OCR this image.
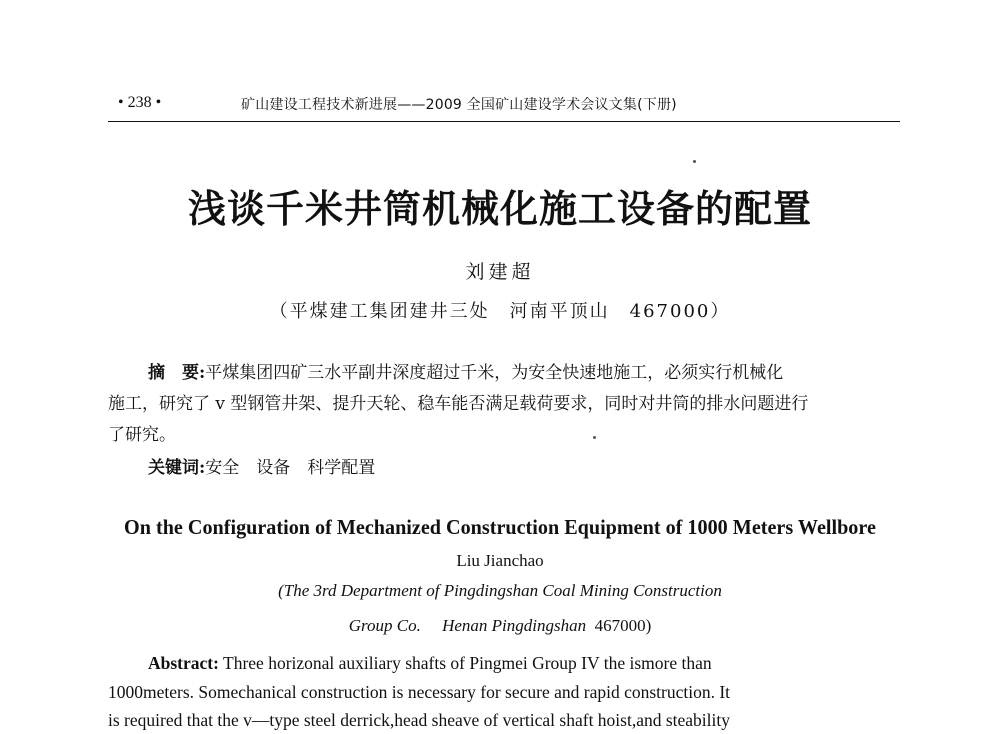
• 238 •	矿山建设工程技术新进展——2009 全国矿山建设学术会议文集(下册)
浅谈千米井筒机械化施工设备的配置
刘建超
（平煤建工集团建井三处　河南平顶山　467000）
摘　要:平煤集团四矿三水平副井深度超过千米，为安全快速地施工，必须实行机械化
施工，研究了 v 型钢管井架、提升天轮、稳车能否满足载荷要求，同时对井筒的排水问题进行
了研究。
关键词:安全　设备　科学配置
On the Configuration of Mechanized Construction Equipment of 1000 Meters Wellbore
Liu Jianchao
(The 3rd Department of Pingdingshan Coal Mining Construction
Group Co.　 Henan Pingdingshan 467000)
Abstract: Three horizonal auxiliary shafts of Pingmei Group IV the ismore than
1000meters. Somechanical construction is necessary for secure and rapid construction. It
is required that the v—type steel derrick,head sheave of vertical shaft hoist,and steability
